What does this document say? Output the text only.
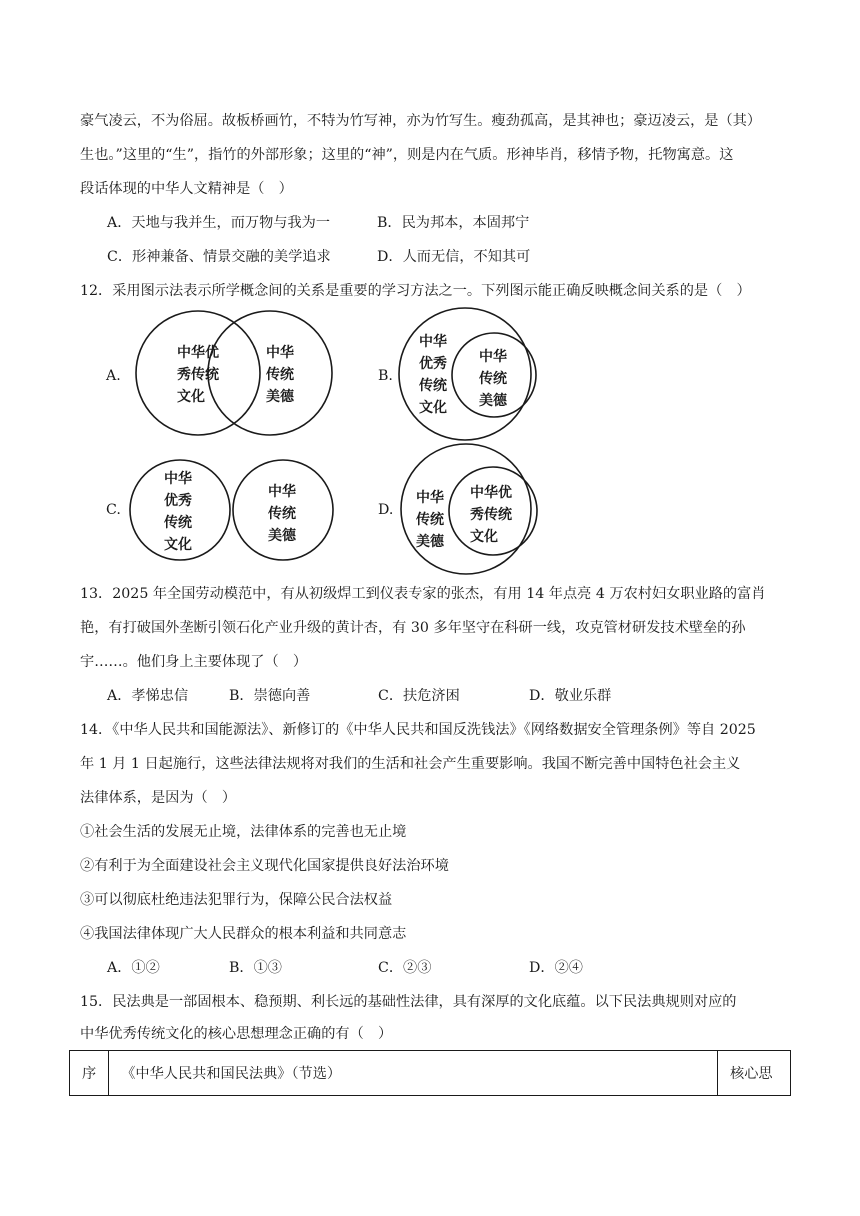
豪气凌云，不为俗屈。故板桥画竹，不特为竹写神，亦为竹写生。瘦劲孤高，是其神也；豪迈凌云，是（其）
生也。”这里的“生”，指竹的外部形象；这里的“神”，则是内在气质。形神毕肖，移情予物，托物寓意。这
段话体现的中华人文精神是（　）
A．天地与我并生，而万物与我为一	B．民为邦本，本固邦宁
C．形神兼备、情景交融的美学追求	D．人而无信，不知其可
12．采用图示法表示所学概念间的关系是重要的学习方法之一。下列图示能正确反映概念间关系的是（　）
A.
中华优
秀传统
文化
中华
传统
美德
B.
中华
优秀
传统
文化
中华
传统
美德
C.
中华
优秀
传统
文化
中华
传统
美德
D.
中华
传统
美德
中华优
秀传统
文化
13．2025 年全国劳动模范中，有从初级焊工到仪表专家的张杰，有用 14 年点亮 4 万农村妇女职业路的富肖
艳，有打破国外垄断引领石化产业升级的黄计杏，有 30 多年坚守在科研一线，攻克管材研发技术壁垒的孙
宇……。他们身上主要体现了（　）
A．孝悌忠信	B．崇德向善	C．扶危济困	D．敬业乐群
14．《中华人民共和国能源法》、新修订的《中华人民共和国反洗钱法》《网络数据安全管理条例》等自 2025
年 1 月 1 日起施行，这些法律法规将对我们的生活和社会产生重要影响。我国不断完善中国特色社会主义
法律体系，是因为（　）
①社会生活的发展无止境，法律体系的完善也无止境
②有利于为全面建设社会主义现代化国家提供良好法治环境
③可以彻底杜绝违法犯罪行为，保障公民合法权益
④我国法律体现广大人民群众的根本利益和共同意志
A．①②	B．①③	C．②③	D．②④
15．民法典是一部固根本、稳预期、利长远的基础性法律，具有深厚的文化底蕴。以下民法典规则对应的
中华优秀传统文化的核心思想理念正确的有（　）
序	《中华人民共和国民法典》（节选）	核心思
